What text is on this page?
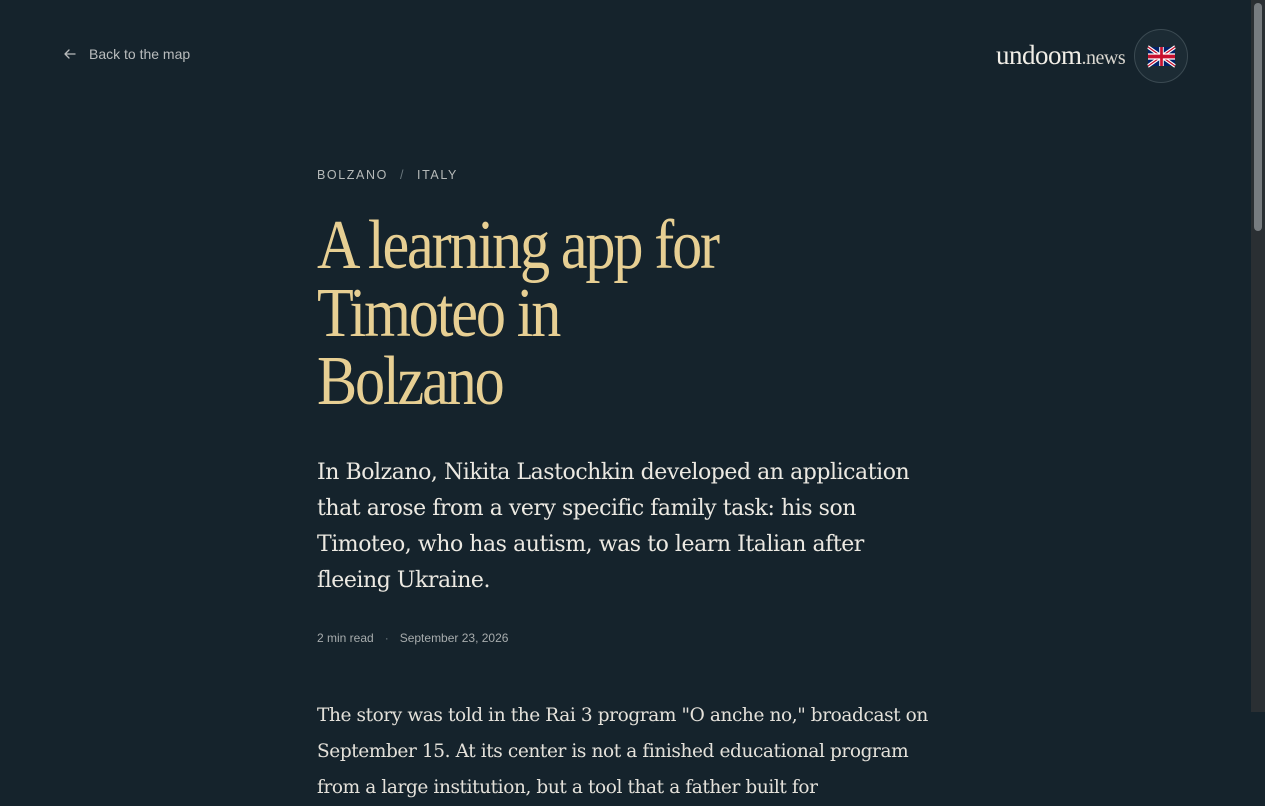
Back to the map	undoom .news
BOLZANO / ITALY
A learning app for
Timoteo in Bolzano

In Bolzano, Nikita Lastochkin developed an application that arose from a very specific family task: his son Timoteo, who has autism, was to learn Italian after fleeing Ukraine.

2 min read · September 23, 2026

The story was told in the Rai 3 program "O anche no," broadcast on September 15. At its center is not a finished educational program from a large institution, but a tool that a father built for
